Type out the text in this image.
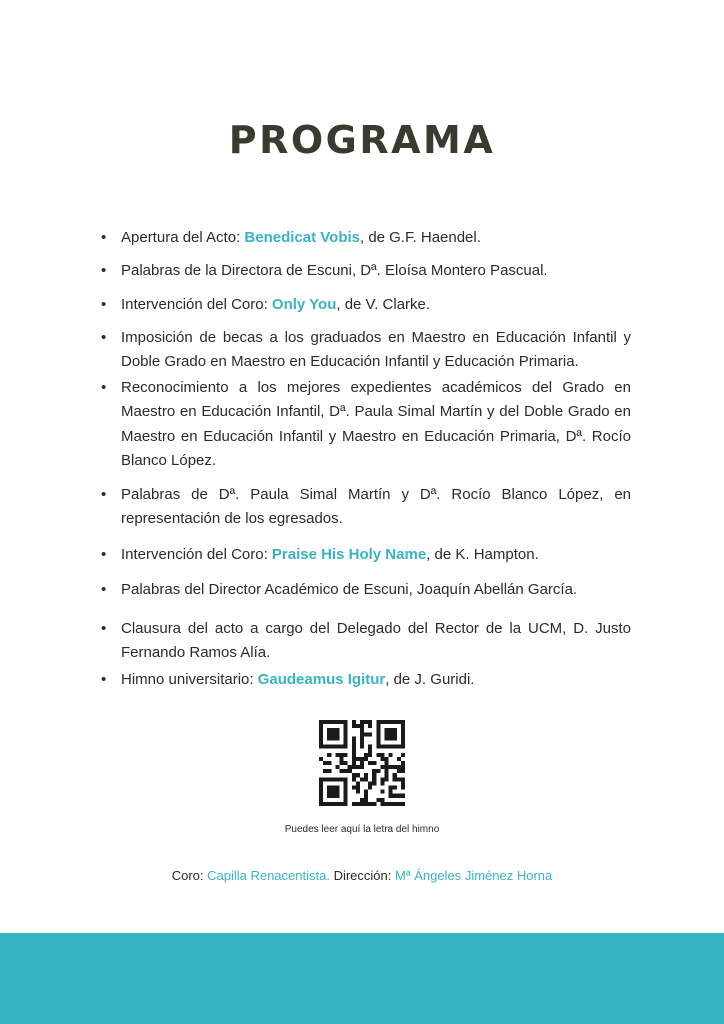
PROGRAMA
• Apertura del Acto: Benedicat Vobis, de G.F. Haendel.
• Palabras de la Directora de Escuni, Dª. Eloísa Montero Pascual.
• Intervención del Coro: Only You, de V. Clarke.
• Imposición de becas a los graduados en Maestro en Educación Infantil y Doble Grado en Maestro en Educación Infantil y Educación Primaria.
• Reconocimiento a los mejores expedientes académicos del Grado en Maestro en Educación Infantil, Dª. Paula Simal Martín y del Doble Grado en Maestro en Educación Infantil y Maestro en Educación Primaria, Dª. Rocío Blanco López.
• Palabras de Dª. Paula Simal Martín y Dª. Rocío Blanco López, en representación de los egresados.
• Intervención del Coro: Praise His Holy Name, de K. Hampton.
• Palabras del Director Académico de Escuni, Joaquín Abellán García.
• Clausura del acto a cargo del Delegado del Rector de la UCM, D. Justo Fernando Ramos Alía.
• Himno universitario: Gaudeamus Igitur, de J. Guridi.
Puedes leer aquí la letra del himno
Coro: Capilla Renacentista. Dirección: Mª Ángeles Jiménez Horna
